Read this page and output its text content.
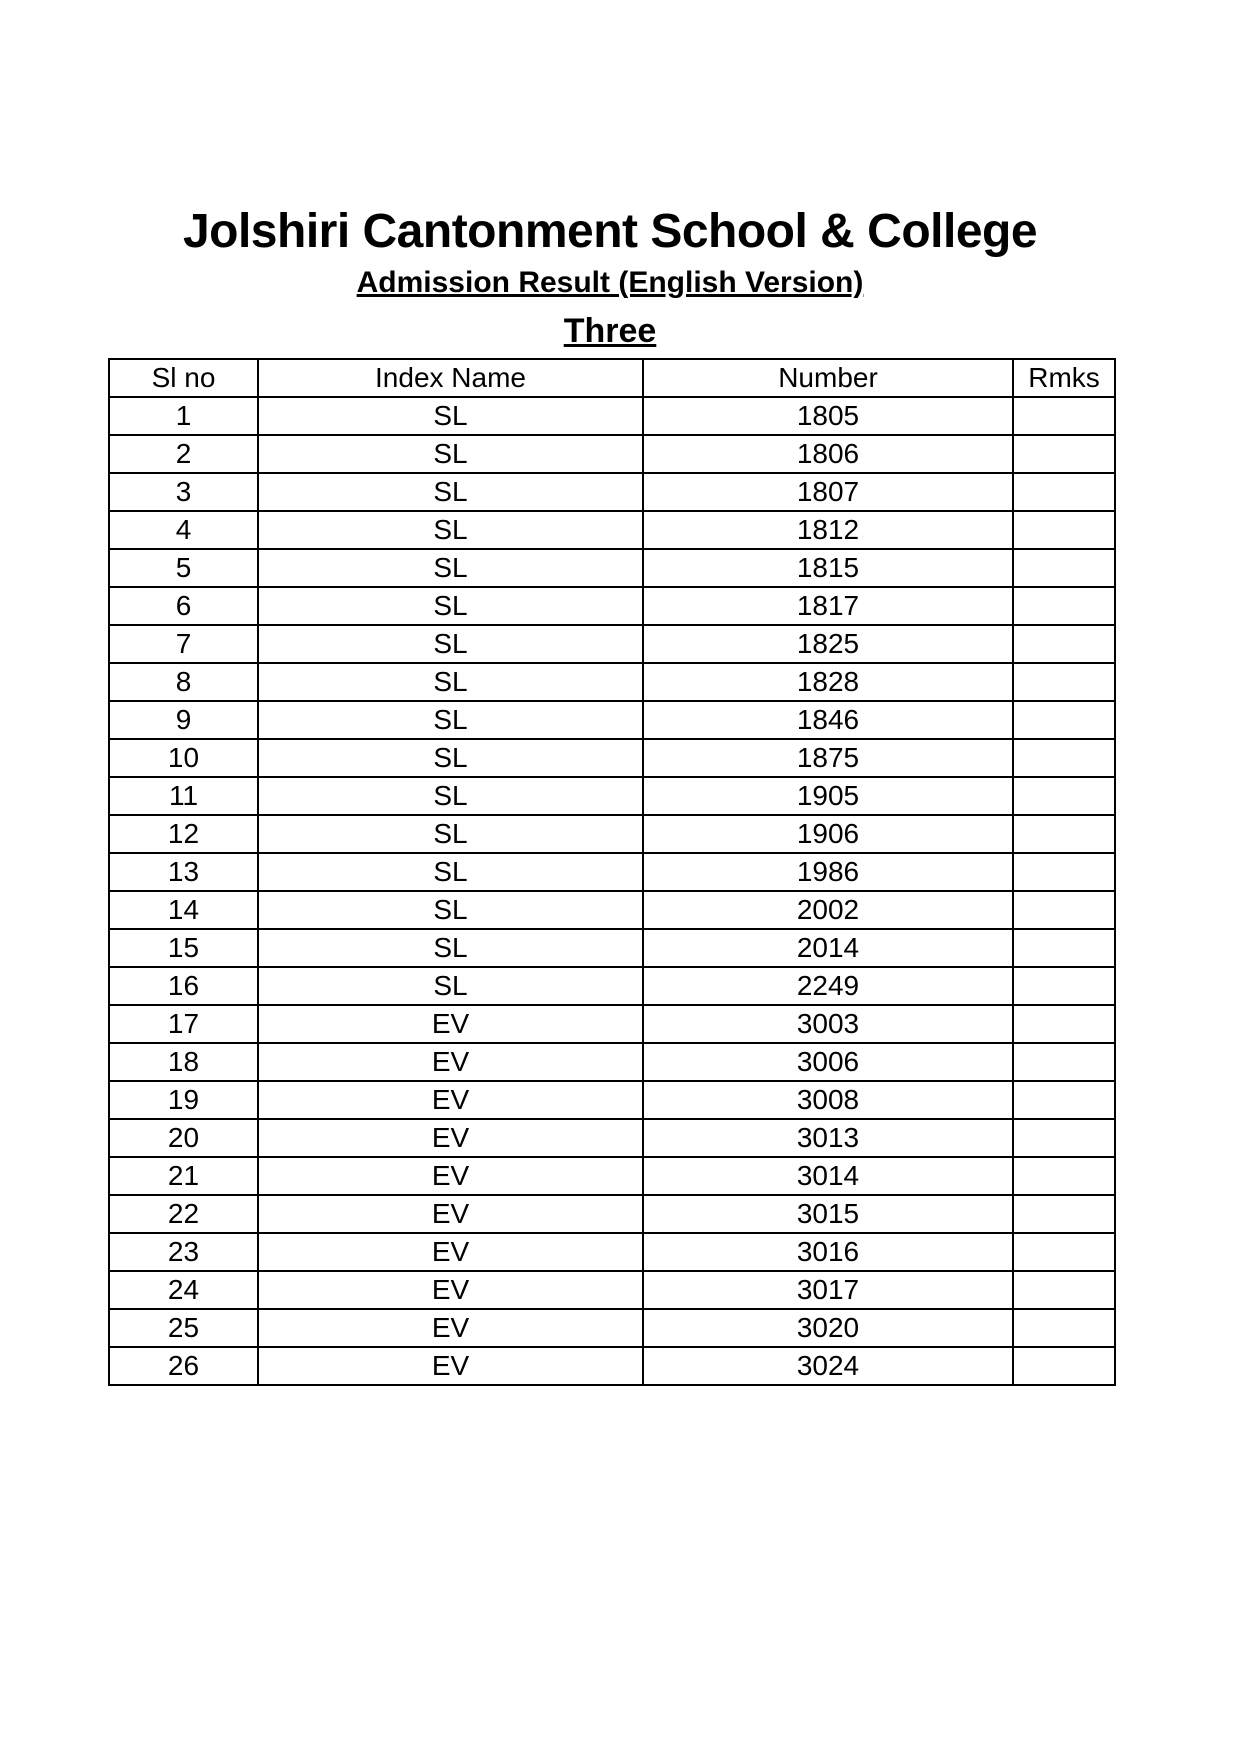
Jolshiri Cantonment School & College
Admission Result (English Version)
Three
Sl no	Index Name	Number	Rmks
1	SL	1805	
2	SL	1806	
3	SL	1807	
4	SL	1812	
5	SL	1815	
6	SL	1817	
7	SL	1825	
8	SL	1828	
9	SL	1846	
10	SL	1875	
11	SL	1905	
12	SL	1906	
13	SL	1986	
14	SL	2002	
15	SL	2014	
16	SL	2249	
17	EV	3003	
18	EV	3006	
19	EV	3008	
20	EV	3013	
21	EV	3014	
22	EV	3015	
23	EV	3016	
24	EV	3017	
25	EV	3020	
26	EV	3024	
